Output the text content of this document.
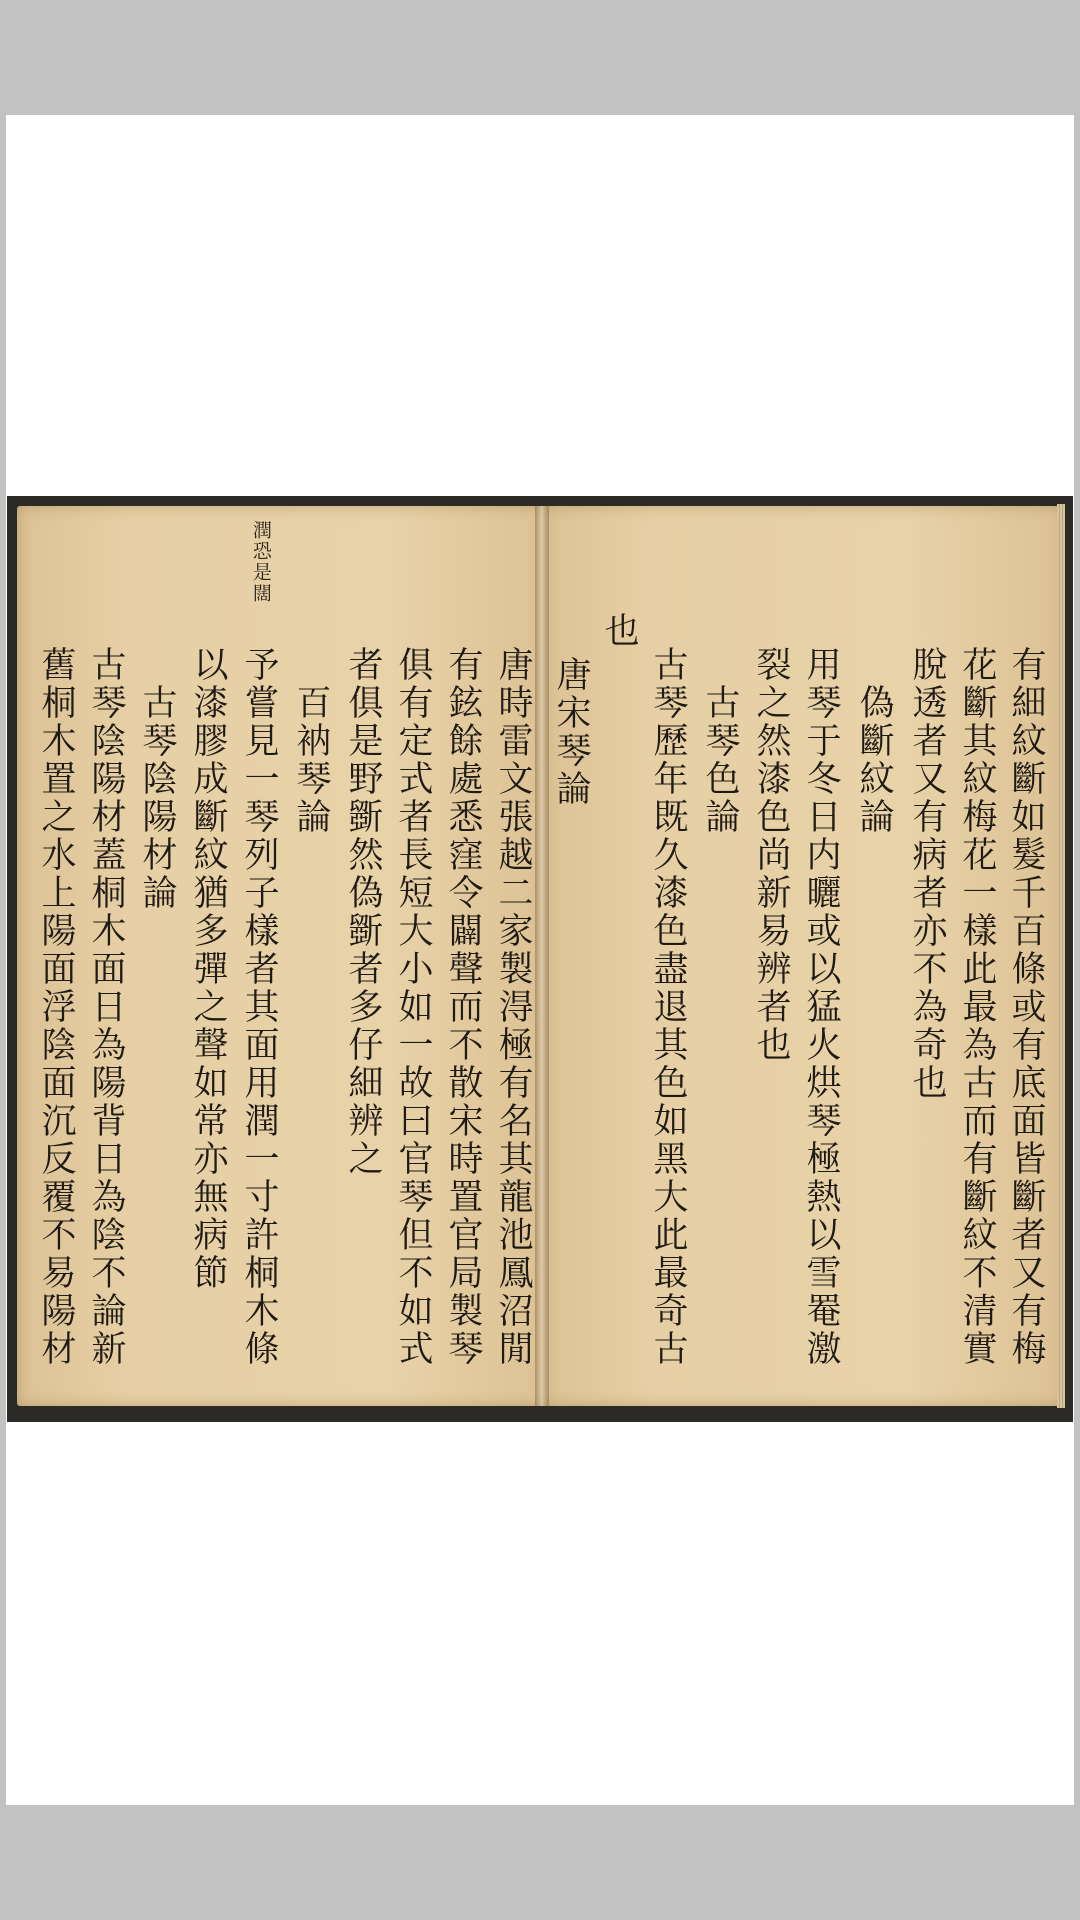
潤恐是闊
唐時雷文張越二家製淂極有名其龍池鳳沼閒
有鉉餘處悉窪令闢聲而不散宋時置官局製琴
俱有定式者長短大小如一故曰官琴但不如式
者俱是野斵然偽斵者多仔細辨之
百衲琴論
予嘗見一琴列子樣者其面用潤一寸許桐木條
以漆膠成斷紋猶多彈之聲如常亦無病節
古琴陰陽材論
古琴陰陽材蓋桐木面日為陽背日為陰不論新
舊桐木置之水上陽面浮陰面沉反覆不易陽材	有細紋斷如髮千百條或有底面皆斷者又有梅
花斷其紋梅花一樣此最為古而有斷紋不清實
脫透者又有病者亦不為奇也
偽斷紋論
用琴于冬日内曬或以猛火烘琴極熱以雪罨激
裂之然漆色尚新易辨者也
古琴色論
古琴歷年既久漆色盡退其色如黑大此最奇古
也
唐宋琴論
